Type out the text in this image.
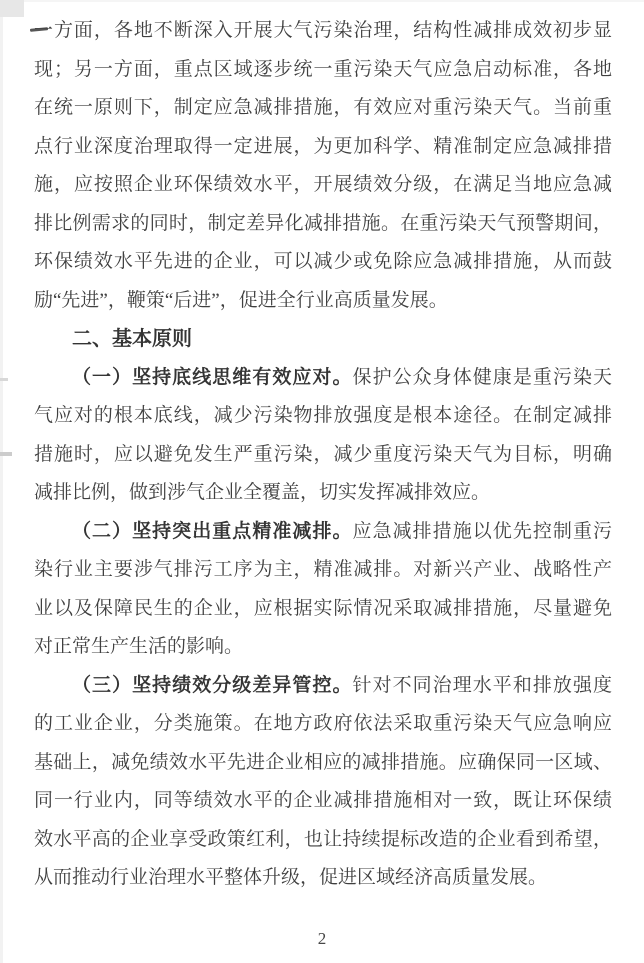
一方面，各地不断深入开展大气污染治理，结构性减排成效初步显
现；另一方面，重点区域逐步统一重污染天气应急启动标准，各地
在统一原则下，制定应急减排措施，有效应对重污染天气。当前重
点行业深度治理取得一定进展，为更加科学、精准制定应急减排措
施，应按照企业环保绩效水平，开展绩效分级，在满足当地应急减
排比例需求的同时，制定差异化减排措施。在重污染天气预警期间，
环保绩效水平先进的企业，可以减少或免除应急减排措施，从而鼓
励“先进”，鞭策“后进”，促进全行业高质量发展。
二、基本原则
（一）坚持底线思维有效应对。保护公众身体健康是重污染天
气应对的根本底线，减少污染物排放强度是根本途径。在制定减排
措施时，应以避免发生严重污染，减少重度污染天气为目标，明确
减排比例，做到涉气企业全覆盖，切实发挥减排效应。
（二）坚持突出重点精准减排。应急减排措施以优先控制重污
染行业主要涉气排污工序为主，精准减排。对新兴产业、战略性产
业以及保障民生的企业，应根据实际情况采取减排措施，尽量避免
对正常生产生活的影响。
（三）坚持绩效分级差异管控。针对不同治理水平和排放强度
的工业企业，分类施策。在地方政府依法采取重污染天气应急响应
基础上，减免绩效水平先进企业相应的减排措施。应确保同一区域、
同一行业内，同等绩效水平的企业减排措施相对一致，既让环保绩
效水平高的企业享受政策红利，也让持续提标改造的企业看到希望，
从而推动行业治理水平整体升级，促进区域经济高质量发展。
2
